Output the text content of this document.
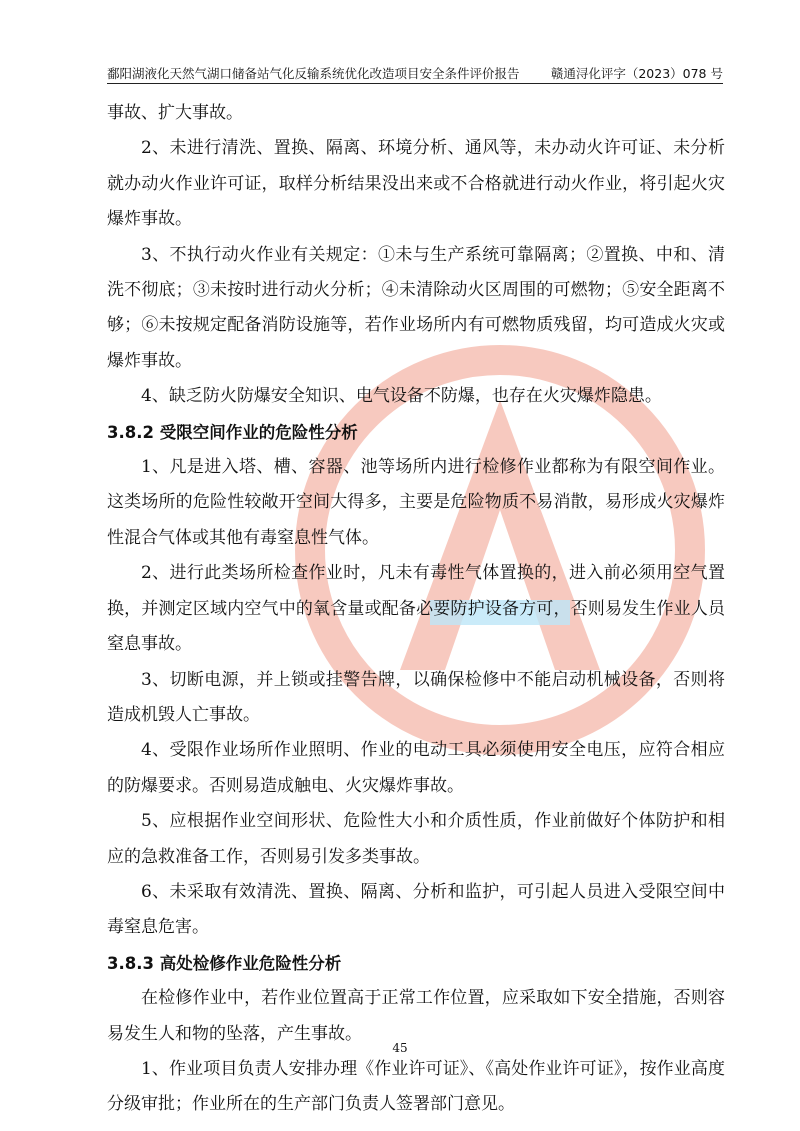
鄱阳湖液化天然气湖口储备站气化反输系统优化改造项目安全条件评价报告	赣通浔化评字（2023）078 号

事故、扩大事故。

2、未进行清洗、置换、隔离、环境分析、通风等，未办动火许可证、未分析就办动火作业许可证，取样分析结果没出来或不合格就进行动火作业，将引起火灾爆炸事故。

3、不执行动火作业有关规定：①未与生产系统可靠隔离；②置换、中和、清洗不彻底；③未按时进行动火分析；④未清除动火区周围的可燃物；⑤安全距离不够；⑥未按规定配备消防设施等，若作业场所内有可燃物质残留，均可造成火灾或爆炸事故。

4、缺乏防火防爆安全知识、电气设备不防爆，也存在火灾爆炸隐患。

3.8.2 受限空间作业的危险性分析

1、凡是进入塔、槽、容器、池等场所内进行检修作业都称为有限空间作业。这类场所的危险性较敞开空间大得多，主要是危险物质不易消散，易形成火灾爆炸性混合气体或其他有毒窒息性气体。

2、进行此类场所检查作业时，凡未有毒性气体置换的，进入前必须用空气置换，并测定区域内空气中的氧含量或配备必要防护设备方可，否则易发生作业人员窒息事故。

3、切断电源，并上锁或挂警告牌，以确保检修中不能启动机械设备，否则将造成机毁人亡事故。

4、受限作业场所作业照明、作业的电动工具必须使用安全电压，应符合相应的防爆要求。否则易造成触电、火灾爆炸事故。

5、应根据作业空间形状、危险性大小和介质性质，作业前做好个体防护和相应的急救准备工作，否则易引发多类事故。

6、未采取有效清洗、置换、隔离、分析和监护，可引起人员进入受限空间中毒窒息危害。

3.8.3 高处检修作业危险性分析

在检修作业中，若作业位置高于正常工作位置，应采取如下安全措施，否则容易发生人和物的坠落，产生事故。

1、作业项目负责人安排办理《作业许可证》、《高处作业许可证》，按作业高度分级审批；作业所在的生产部门负责人签署部门意见。

45
